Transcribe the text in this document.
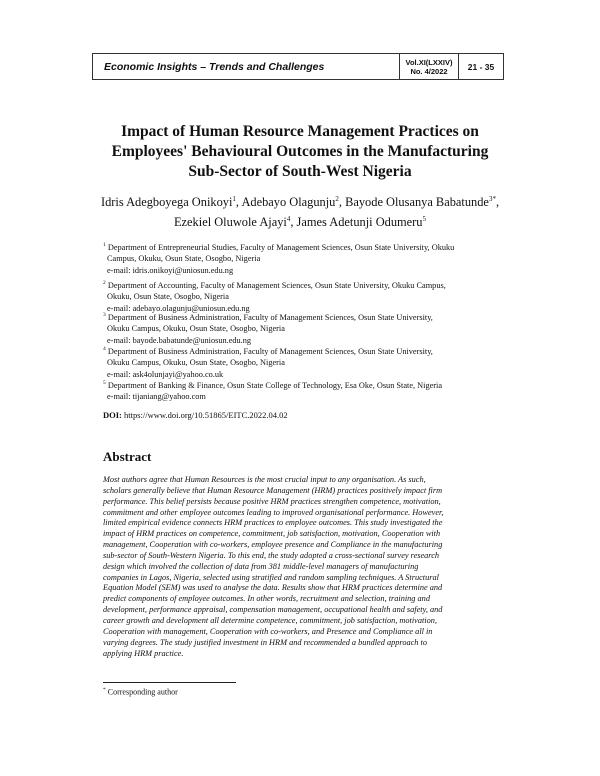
Economic Insights – Trends and Challenges	Vol.XI(LXXIV)
No. 4/2022	21 - 35
Impact of Human Resource Management Practices on Employees' Behavioural Outcomes in the Manufacturing Sub-Sector of South-West Nigeria
Idris Adegboyega Onikoyi$^1$, Adebayo Olagunju$^2$, Bayode Olusanya Babatunde$^{3*}$, Ezekiel Oluwole Ajayi$^4$, James Adetunji Odumeru$^5$
$^1$ Department of Entrepreneurial Studies, Faculty of Management Sciences, Osun State University, Okuku
Campus, Okuku, Osun State, Osogbo, Nigeria
e-mail: idris.onikoyi@uniosun.edu.ng
$^2$ Department of Accounting, Faculty of Management Sciences, Osun State University, Okuku Campus,
Okuku, Osun State, Osogbo, Nigeria
e-mail: adebayo.olagunju@uniosun.edu.ng
$^3$ Department of Business Administration, Faculty of Management Sciences, Osun State University,
Okuku Campus, Okuku, Osun State, Osogbo, Nigeria
e-mail: bayode.babatunde@uniosun.edu.ng
$^4$ Department of Business Administration, Faculty of Management Sciences, Osun State University,
Okuku Campus, Okuku, Osun State, Osogbo, Nigeria
e-mail: ask4olunjayi@yahoo.co.uk
$^5$ Department of Banking & Finance, Osun State College of Technology, Esa Oke, Osun State, Nigeria
e-mail: tijaniang@yahoo.com
DOI: https://www.doi.org/10.51865/EITC.2022.04.02
Abstract
Most authors agree that Human Resources is the most crucial input to any organisation. As such,
scholars generally believe that Human Resource Management (HRM) practices positively impact firm
performance. This belief persists because positive HRM practices strengthen competence, motivation,
commitment and other employee outcomes leading to improved organisational performance. However,
limited empirical evidence connects HRM practices to employee outcomes. This study investigated the
impact of HRM practices on competence, commitment, job satisfaction, motivation, Cooperation with
management, Cooperation with co-workers, employee presence and Compliance in the manufacturing
sub-sector of South-Western Nigeria. To this end, the study adopted a cross-sectional survey research
design which involved the collection of data from 381 middle-level managers of manufacturing
companies in Lagos, Nigeria, selected using stratified and random sampling techniques. A Structural
Equation Model (SEM) was used to analyse the data. Results show that HRM practices determine and
predict components of employee outcomes. In other words, recruitment and selection, training and
development, performance appraisal, compensation management, occupational health and safety, and
career growth and development all determine competence, commitment, job satisfaction, motivation,
Cooperation with management, Cooperation with co-workers, and Presence and Compliance all in
varying degrees. The study justified investment in HRM and recommended a bundled approach to
applying HRM practice.
* Corresponding author
